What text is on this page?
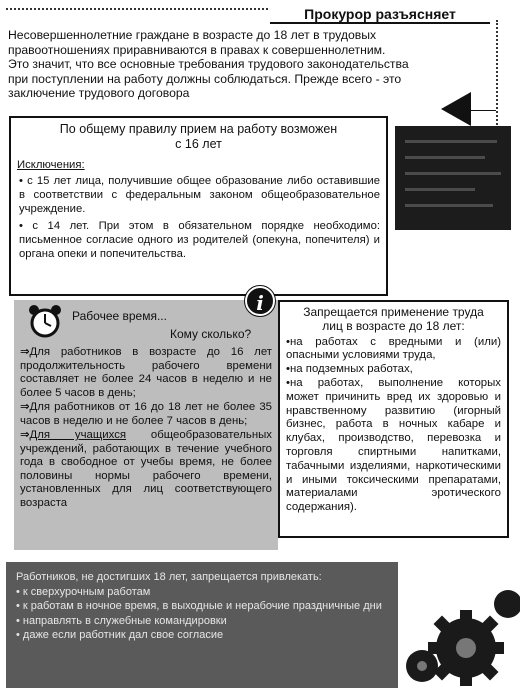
Прокурор разъясняет
Несовершеннолетние граждане в возрасте до 18 лет в трудовых
правоотношениях приравниваются в правах к совершеннолетним.
Это значит, что все основные требования трудового законодательства
при поступлении на работу должны соблюдаться. Прежде всего - это
заключение трудового договора
По общему правилу прием на работу возможен
с 16 лет
Исключения:
• с 15 лет лица, получившие общее образование либо оставившие в соответствии с федеральным законом общеобразовательное учреждение.
• с 14 лет. При этом в обязательном порядке необходимо: письменное согласие одного из родителей (опекуна, попечителя) и органа опеки и попечительства.
Рабочее время...
Кому сколько?
⇒Для работников в возрасте до 16 лет продолжительность рабочего времени составляет не более 24 часов в неделю и не более 5 часов в день;
⇒Для работников от 16 до 18 лет не более 35 часов в неделю и не более 7 часов в день;
⇒Для учащихся общеобразовательных учреждений, работающих в течение учебного года в свободное от учебы время, не более половины нормы рабочего времени, установленных для лиц соответствующего возраста
Запрещается применение труда
лиц в возрасте до 18 лет:
•на работах с вредными и (или) опасными условиями труда,
•на подземных работах,
•на работах, выполнение которых может причинить вред их здоровью и нравственному развитию (игорный бизнес, работа в ночных кабаре и клубах, производство, перевозка и торговля спиртными напитками, табачными изделиями, наркотическими и иными токсическими препаратами, материалами эротического содержания).
i

Работников, не достигших 18 лет, запрещается привлекать:

• к сверхурочным работам

• к работам в ночное время, в выходные и нерабочие праздничные дни

• направлять в служебные командировки

• даже если работник дал свое согласие
